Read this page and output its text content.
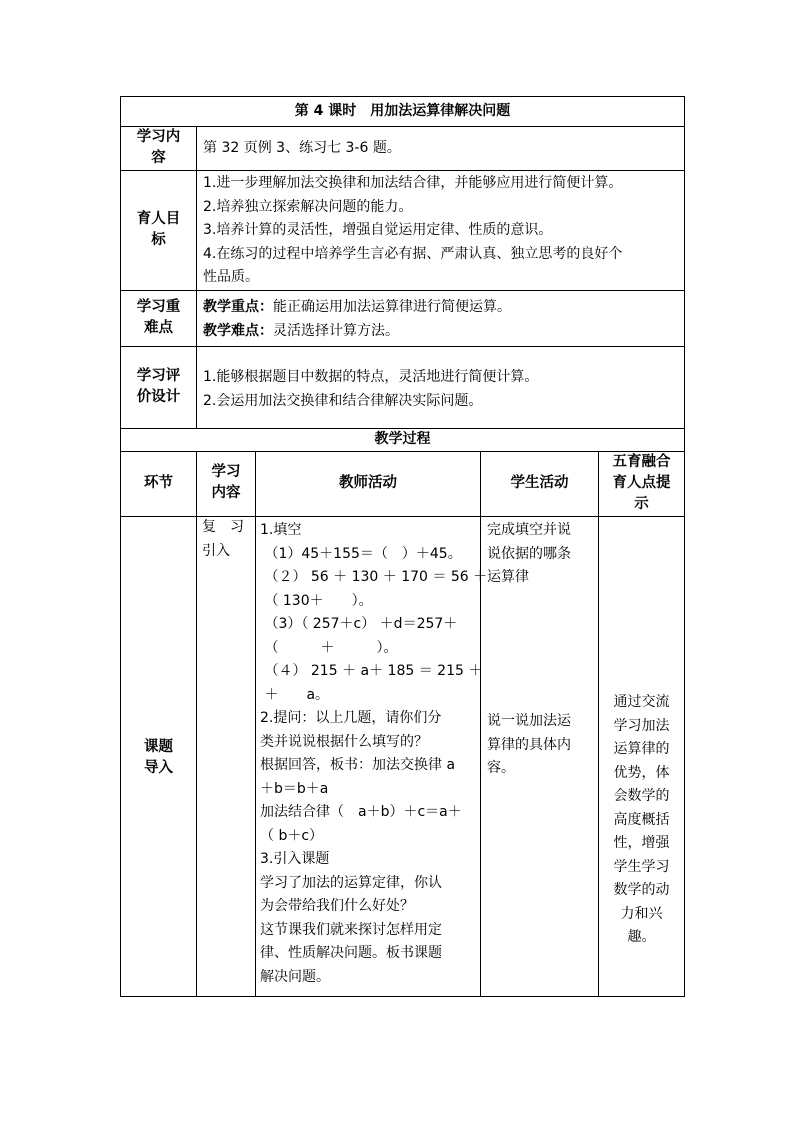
第 4 课时　用加法运算律解决问题
学习内
容
第 32 页例 3、练习七 3-6 题。
育人目
标
1.进一步理解加法交换律和加法结合律，并能够应用进行简便计算。
2.培养独立探索解决问题的能力。
3.培养计算的灵活性，增强自觉运用定律、性质的意识。
4.在练习的过程中培养学生言必有据、严肃认真、独立思考的良好个
性品质。
学习重
难点
教学重点：能正确运用加法运算律进行简便运算。
教学难点：灵活选择计算方法。
学习评
价设计
1.能够根据题目中数据的特点，灵活地进行简便计算。
2.会运用加法交换律和结合律解决实际问题。
教学过程
环节
学习
内容
教师活动	学生活动
五育融合
育人点提
示
课题
导入
复　习
引入
1.填空
（1）45＋155＝（　）＋45。
（２） 56 ＋ 130 ＋ 170 ＝ 56 ＋
（ 130＋　　）。
（3）（ 257＋c） ＋d＝257＋
（　　　＋　　　）。
（４） 215 ＋ a＋ 185 ＝ 215 ＋
＋　　a。
2.提问：以上几题，请你们分
类并说说根据什么填写的？
根据回答，板书：加法交换律 a
＋b＝b＋a
加法结合律（　a＋b）＋c＝a＋
（ b＋c）
3.引入课题
学习了加法的运算定律，你认
为会带给我们什么好处？
这节课我们就来探讨怎样用定
律、性质解决问题。板书课题
解决问题。
完成填空并说
说依据的哪条
运算律
说一说加法运
算律的具体内
容。
通过交流
学习加法
运算律的
优势，体
会数学的
高度概括
性，增强
学生学习
数学的动
力和兴
趣。
